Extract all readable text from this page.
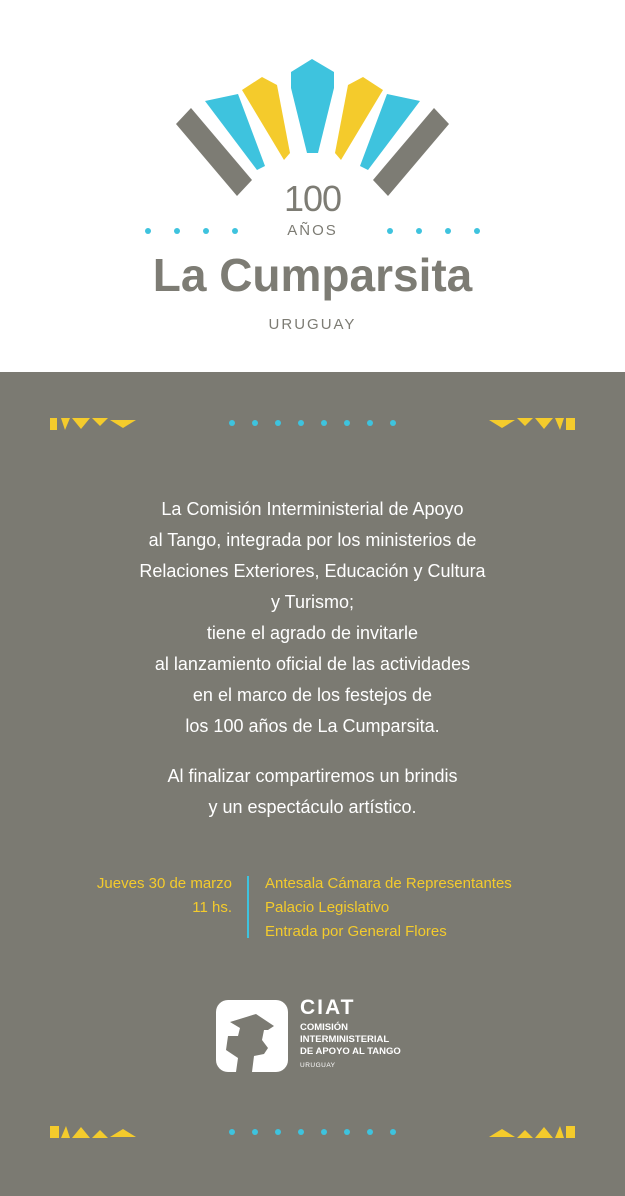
100
AÑOS
La Cumparsita
URUGUAY

La Comisión Interministerial de Apoyo

al Tango, integrada por los ministerios de

Relaciones Exteriores, Educación y Cultura

y Turismo;

tiene el agrado de invitarle

al lanzamiento oficial de las actividades

en el marco de los festejos de

los 100 años de La Cumparsita.

Al finalizar compartiremos un brindis

y un espectáculo artístico.

Jueves 30 de marzo
11 hs.
Antesala Cámara de Representantes
Palacio Legislativo
Entrada por General Flores
CIAT
COMISIÓN
INTERMINISTERIAL
DE APOYO AL TANGO
URUGUAY
